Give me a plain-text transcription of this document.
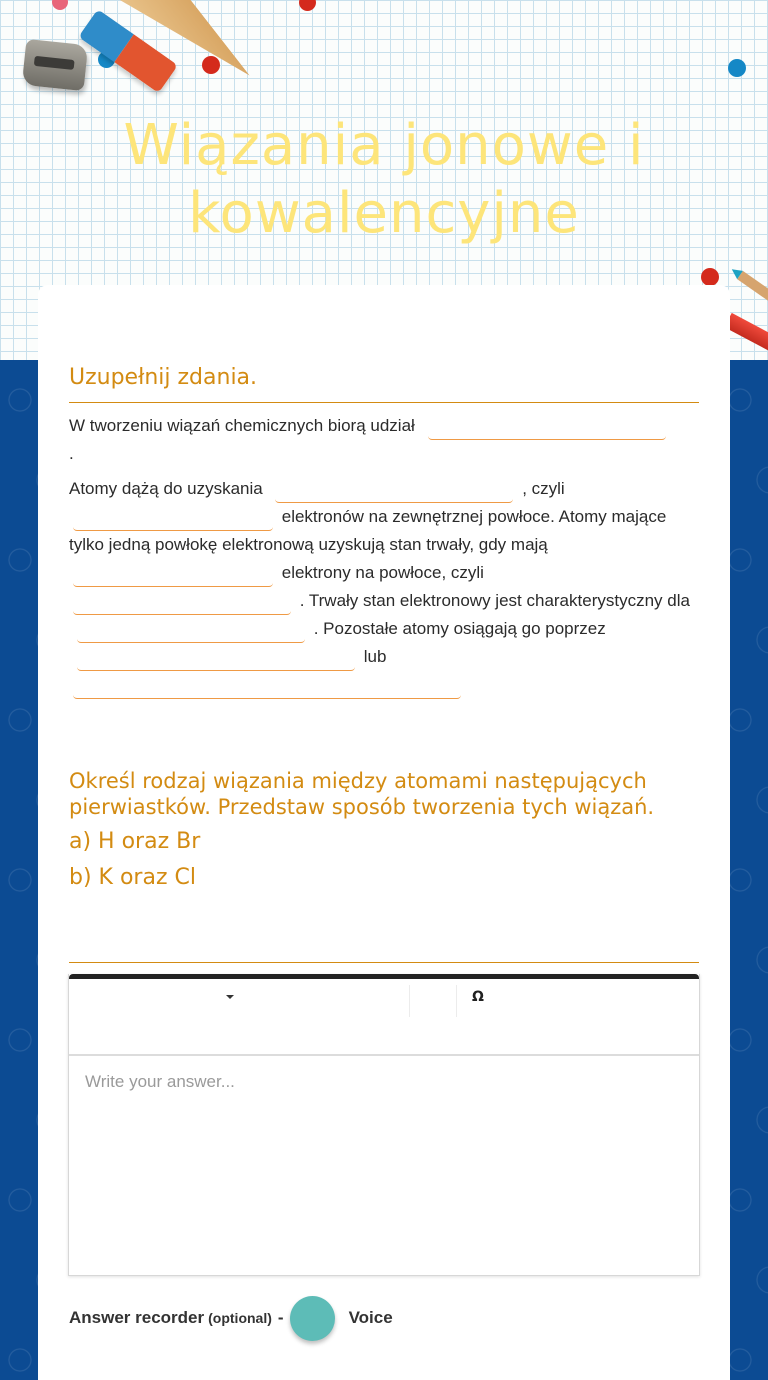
Wiązania jonowe i kowalencyjne
Uzupełnij zdania.
W tworzeniu wiązań chemicznych biorą udział
.
Atomy dążą do uzyskania	, czyli  elektronów na zewnętrznej powłoce. Atomy mające tylko jedną powłokę elektronową uzyskują stan trwały, gdy mają  elektrony na powłoce, czyli  . Trwały stan elektronowy jest charakterystyczny dla  . Pozostałe atomy osiągają go poprzez  lub

Określ rodzaj wiązania między atomami następujących pierwiastków. Przedstaw sposób tworzenia tych wiązań.
a) H oraz Br
b) K oraz Cl
Ω
Write your answer...
Answer recorder (optional) -	Voice
